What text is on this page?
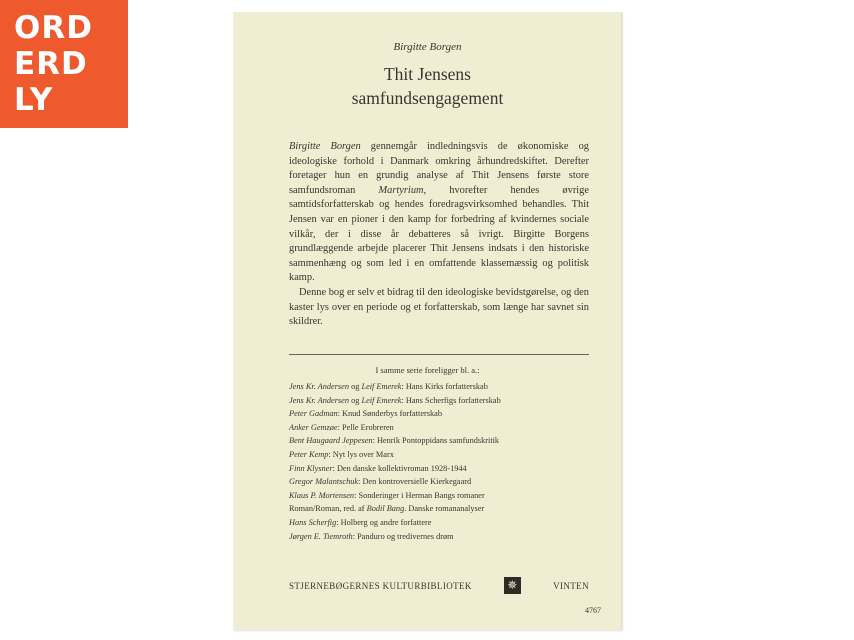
ORD
ERD
LY
Birgitte Borgen
Thit Jensens
samfundsengagement

Birgitte Borgen gennemgår indledningsvis de økonomiske og ideologiske forhold i Danmark omkring århundredskiftet. Derefter foretager hun en grundig analyse af Thit Jensens første store samfundsroman Martyrium, hvorefter hendes øvrige samtidsforfatterskab og hendes foredragsvirksomhed behandles. Thit Jensen var en pioner i den kamp for forbedring af kvindernes sociale vilkår, der i disse år debatteres så ivrigt. Birgitte Borgens grundlæggende arbejde placerer Thit Jensens indsats i den historiske sammenhæng og som led i en omfattende klassemæssig og politisk kamp.

Denne bog er selv et bidrag til den ideologiske bevidstgørelse, og den kaster lys over en periode og et forfatterskab, som længe har savnet sin skildrer.

I samme serie foreligger bl. a.:
Jens Kr. Andersen og Leif Emerek: Hans Kirks forfatterskab
Jens Kr. Andersen og Leif Emerek: Hans Scherfigs forfatterskab
Peter Gadman: Knud Sønderbys forfatterskab
Anker Gemzøe: Pelle Erobreren
Bent Haugaard Jeppesen: Henrik Pontoppidans samfundskritik
Peter Kemp: Nyt lys over Marx
Finn Klysner: Den danske kollektivroman 1928-1944
Gregor Malantschuk: Den kontroversielle Kierkegaard
Klaus P. Mortensen: Sonderinger i Herman Bangs romaner
Roman/Roman, red. af Bodil Bang. Danske romananalyser
Hans Scherfig: Holberg og andre forfattere
Jørgen E. Tiemroth: Panduro og tredivernes drøm
STJERNEBØGERNES KULTURBIBLIOTEK	✵	VINTEN
4767
